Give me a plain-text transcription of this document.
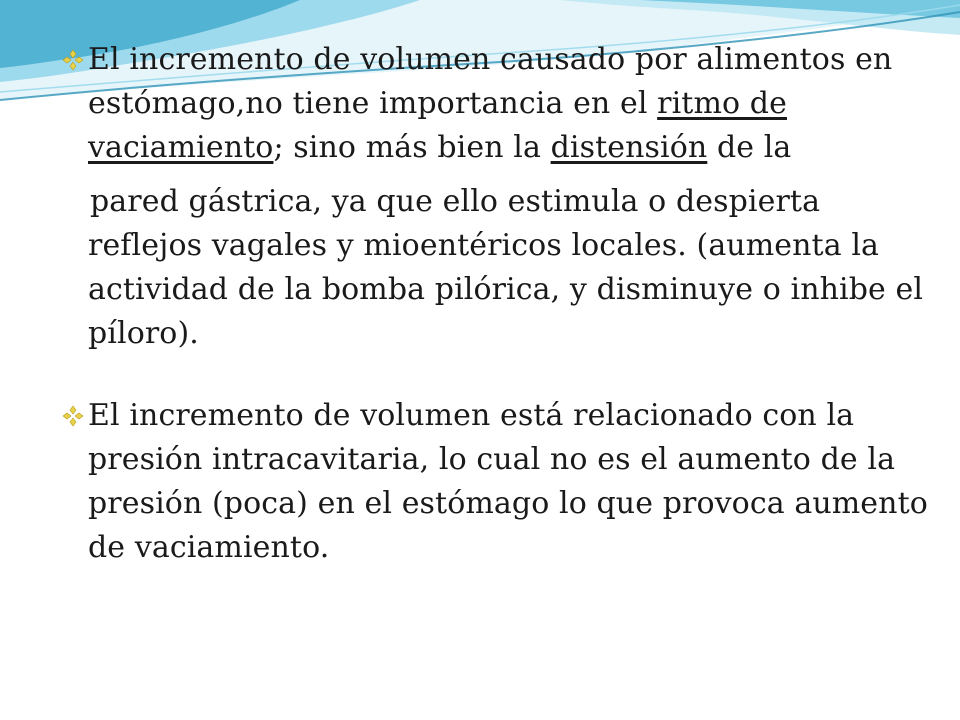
El incremento de volumen causado por alimentos en estómago,no tiene importancia en el ritmo de vaciamiento; sino más bien la distensión de la

pared gástrica, ya que ello estimula o despierta reflejos vagales y mioentéricos locales. (aumenta la actividad de la bomba pilórica, y disminuye o inhibe el píloro).

El incremento de volumen está relacionado con la presión intracavitaria, lo cual no es el aumento de la presión (poca) en el estómago lo que provoca aumento de vaciamiento.
